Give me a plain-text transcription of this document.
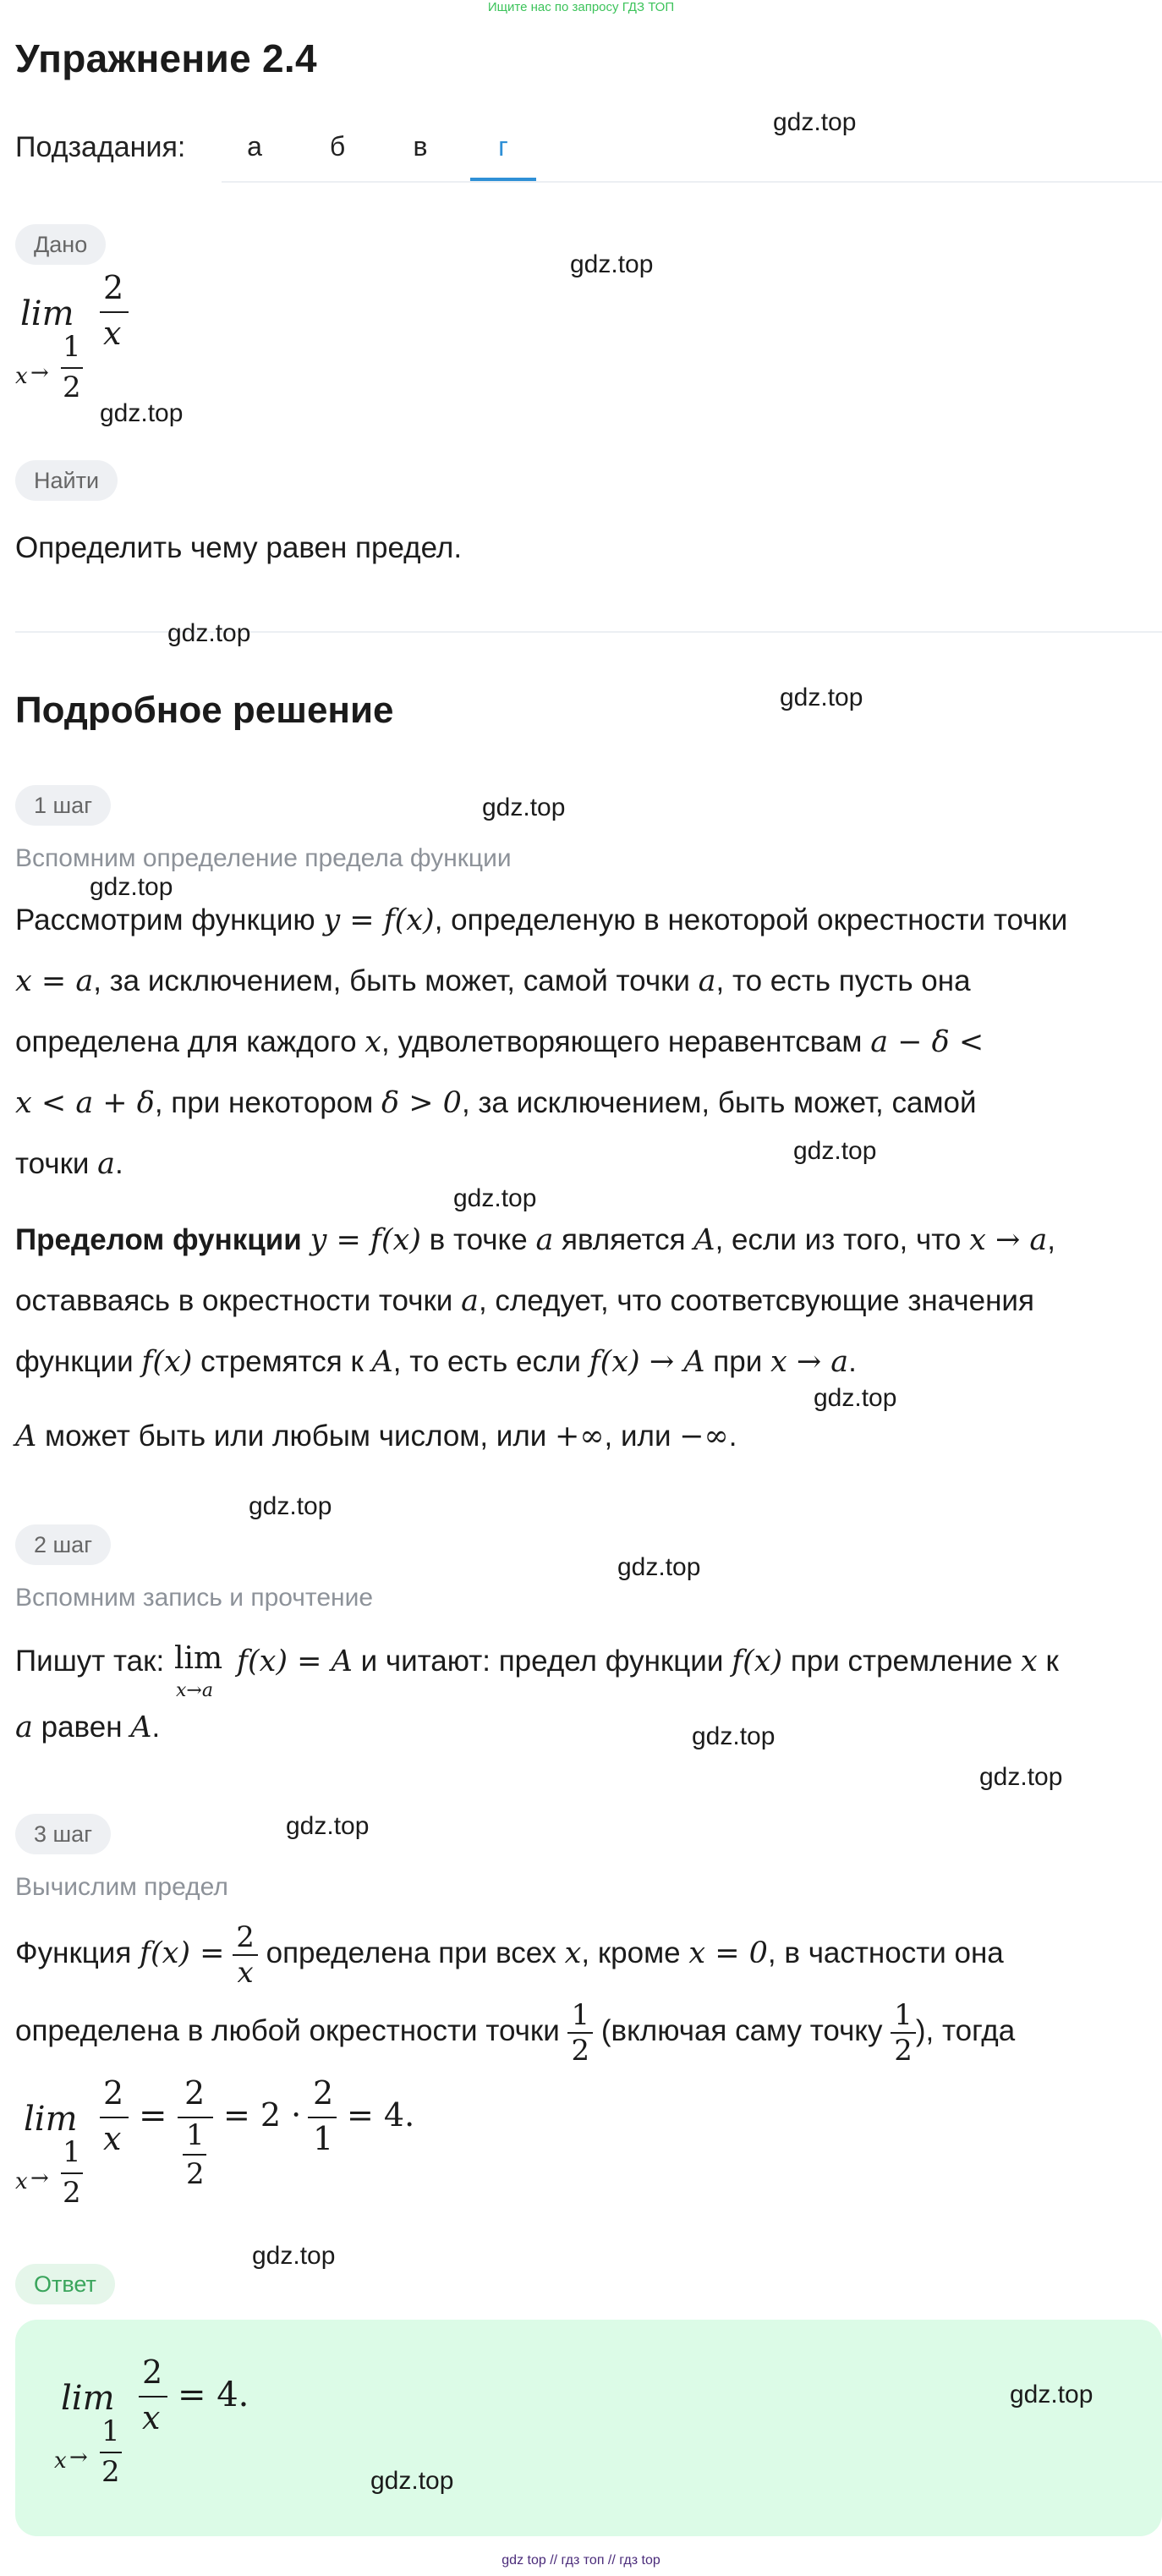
Ищите нас по запросу ГДЗ ТОП
Упражнение 2.4
Подзадания:	а	б	в	г
Дано
lim
x →
1
2
2
x
Найти
Определить чему равен предел.
Подробное решение
1 шаг
Вспомним определение предела функции
Рассмотрим функцию y = f(x), определеную в некоторой окрестности точки
x = a, за исключением, быть может, самой точки a, то есть пусть она
определена для каждого x, удволетворяющего неравентсвам a − δ <
x < a + δ, при некотором δ > 0, за исключением, быть может, самой
точки a.
Пределом функции y = f(x) в точке a является A, если из того, что x → a,
оставваясь в окрестности точки a, следует, что соответсвующие значения
функции f(x) стремятся к A, то есть если f(x) → A при x → a.
A может быть или любым числом, или +∞, или −∞.
2 шаг
Вспомним запись и прочтение
Пишут так: lim
x→a
f(x) = A и читают: предел функции f(x) при стремление x к
a равен A.
3 шаг
Вычислим предел
Функция $f(x) = \frac{2}{x}$ определена при всех x, кроме x = 0, в частности она
определена в любой окрестности точки $\frac{1}{2}$ (включая саму точку $\frac{1}{2}$ ), тогда
lim
x →
1
2
2
x
=
2
1
2
= 2 ·
2
1
= 4.
Ответ
lim
x →
1
2
2
x
= 4.
gdz.top
gdz.top
gdz.top
gdz.top
gdz.top
gdz.top
gdz.top
gdz.top
gdz.top
gdz.top
gdz.top
gdz.top
gdz.top
gdz.top
gdz.top
gdz.top
gdz.top
gdz.top
gdz top // гдз топ // гдз top
